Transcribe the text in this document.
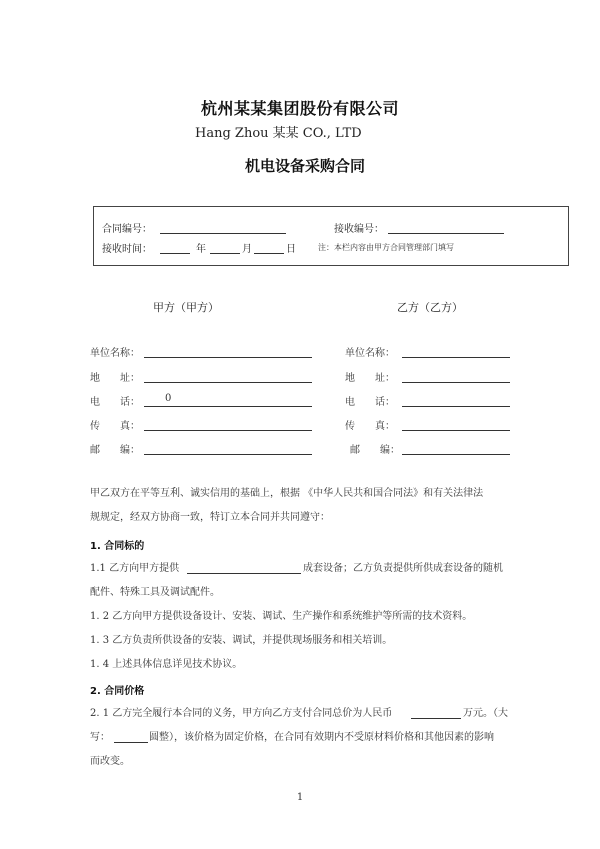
杭州某某集团股份有限公司
Hang Zhou 某某 CO., LTD
机电设备采购合同
合同编号：	接收编号：
接收时间：	年	月	日	注：本栏内容由甲方合同管理部门填写
甲方（甲方）	乙方（乙方）
单位名称：	单位名称：
地　　址：	地　　址：
电　　话：	0	电　　话：
传　　真：	传　　真：
邮　　编：	邮　　编：
甲乙双方在平等互利、诚实信用的基础上，根据 《中华人民共和国合同法》和有关法律法
规规定，经双方协商一致，特订立本合同并共同遵守：
1. 合同标的
1.1 乙方向甲方提供	成套设备；乙方负责提供所供成套设备的随机
配件、特殊工具及调试配件。
1. 2 乙方向甲方提供设备设计、安装、调试、生产操作和系统维护等所需的技术资料。
1. 3 乙方负责所供设备的安装、调试，并提供现场服务和相关培训。
1. 4 上述具体信息详见技术协议。
2. 合同价格
2. 1 乙方完全履行本合同的义务，甲方向乙方支付合同总价为人民币	万元。（大
写：	圆整），该价格为固定价格，在合同有效期内不受原材料价格和其他因素的影响
而改变。
1
